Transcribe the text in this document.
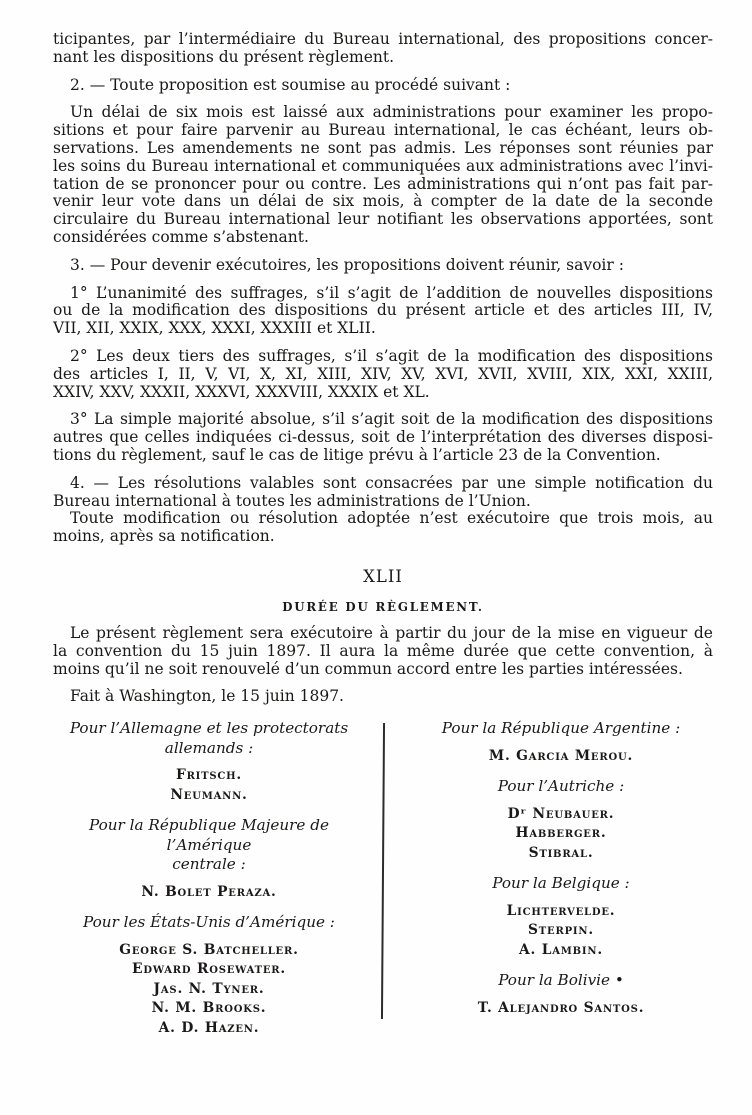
ticipantes, par l’intermédiaire du Bureau international, des propositions concer-
nant les dispositions du présent règlement.
2. — Toute proposition est soumise au procédé suivant :
Un délai de six mois est laissé aux administrations pour examiner les propo-
sitions et pour faire parvenir au Bureau international, le cas échéant, leurs ob-
servations. Les amendements ne sont pas admis. Les réponses sont réunies par
les soins du Bureau international et communiquées aux administrations avec l’invi-
tation de se prononcer pour ou contre. Les administrations qui n’ont pas fait par-
venir leur vote dans un délai de six mois, à compter de la date de la seconde
circulaire du Bureau international leur notifiant les observations apportées, sont
considérées comme s’abstenant.
3. — Pour devenir exécutoires, les propositions doivent réunir, savoir :
1° L’unanimité des suffrages, s’il s’agit de l’addition de nouvelles dispositions
ou de la modification des dispositions du présent article et des articles III, IV,
VII, XII, XXIX, XXX, XXXI, XXXIII et XLII.
2° Les deux tiers des suffrages, s’il s’agit de la modification des dispositions
des articles I, II, V, VI, X, XI, XIII, XIV, XV, XVI, XVII, XVIII, XIX, XXI, XXIII,
XXIV, XXV, XXXII, XXXVI, XXXVIII, XXXIX et XL.
3° La simple majorité absolue, s’il s’agit soit de la modification des dispositions
autres que celles indiquées ci-dessus, soit de l’interprétation des diverses disposi-
tions du règlement, sauf le cas de litige prévu à l’article 23 de la Convention.
4. — Les résolutions valables sont consacrées par une simple notification du
Bureau international à toutes les administrations de l’Union.
Toute modification ou résolution adoptée n’est exécutoire que trois mois, au
moins, après sa notification.
XLII
DURÉE DU RÈGLEMENT.
Le présent règlement sera exécutoire à partir du jour de la mise en vigueur de
la convention du 15 juin 1897. Il aura la même durée que cette convention, à
moins qu’il ne soit renouvelé d’un commun accord entre les parties intéressées.
Fait à Washington, le 15 juin 1897.
Pour l’Allemagne et les protectorats
allemands :
Fritsch.
Neumann.
Pour la République Majeure de l’Amérique
centrale :
N. Bolet Peraza.
Pour les États-Unis d’Amérique :
George S. Batcheller.
Edward Rosewater.
Jas. N. Tyner.
N. M. Brooks.
A. D. Hazen.
Pour la République Argentine :
M. Garcia Merou.
Pour l’Autriche :
Dʳ Neubauer.
Habberger.
Stibral.
Pour la Belgique :
Lichtervelde.
Sterpin.
A. Lambin.
Pour la Bolivie •
T. Alejandro Santos.
